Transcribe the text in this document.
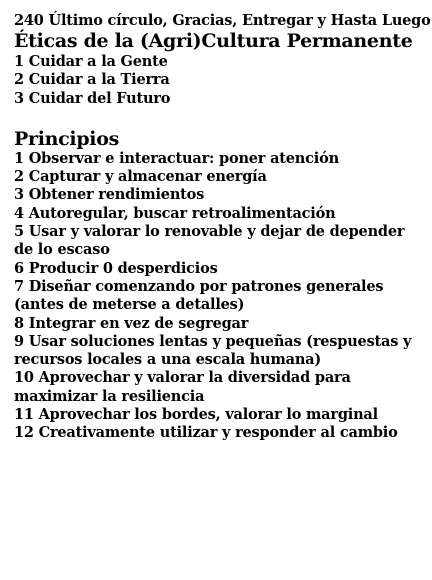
240 Último círculo, Gracias, Entregar y Hasta Luego
Éticas de la (Agri)Cultura Permanente
1 Cuidar a la Gente
2 Cuidar a la Tierra
3 Cuidar del Futuro
Principios
1 Observar e interactuar: poner atención
2 Capturar y almacenar energía
3 Obtener rendimientos
4 Autoregular, buscar retroalimentación
5 Usar y valorar lo renovable y dejar de depender de lo escaso
6 Producir 0 desperdicios
7 Diseñar comenzando por patrones generales (antes de meterse a detalles)
8 Integrar en vez de segregar
9 Usar soluciones lentas y pequeñas (respuestas y recursos locales a una escala humana)
10 Aprovechar y valorar la diversidad para maximizar la resiliencia
11 Aprovechar los bordes, valorar lo marginal
12 Creativamente utilizar y responder al cambio
